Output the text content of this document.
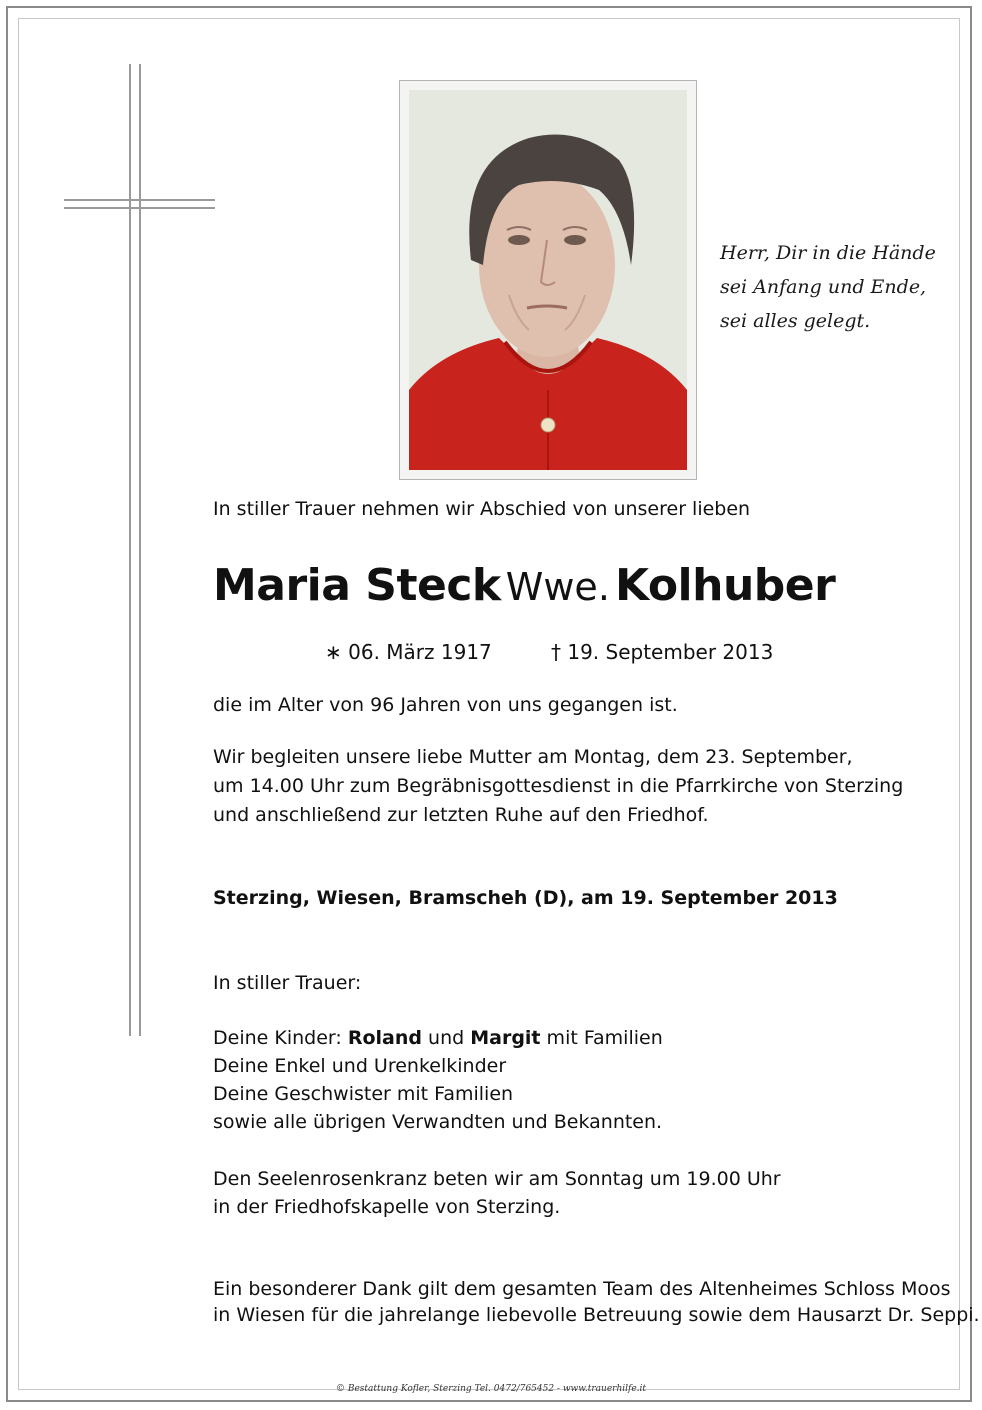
Herr, Dir in die Hände
sei Anfang und Ende,
sei alles gelegt.
In stiller Trauer nehmen wir Abschied von unserer lieben
Maria Steck Wwe. Kolhuber
∗ 06. März 1917	† 19. September 2013
die im Alter von 96 Jahren von uns gegangen ist.
Wir begleiten unsere liebe Mutter am Montag, dem 23. September,
um 14.00 Uhr zum Begräbnisgottesdienst in die Pfarrkirche von Sterzing
und anschließend zur letzten Ruhe auf den Friedhof.
Sterzing, Wiesen, Bramscheh (D), am 19. September 2013
In stiller Trauer:
Deine Kinder: Roland und Margit mit Familien
Deine Enkel und Urenkelkinder
Deine Geschwister mit Familien
sowie alle übrigen Verwandten und Bekannten.
Den Seelenrosenkranz beten wir am Sonntag um 19.00 Uhr
in der Friedhofskapelle von Sterzing.
Ein besonderer Dank gilt dem gesamten Team des Altenheimes Schloss Moos
in Wiesen für die jahrelange liebevolle Betreuung sowie dem Hausarzt Dr. Seppi.
© Bestattung Kofler, Sterzing Tel. 0472/765452 - www.trauerhilfe.it
